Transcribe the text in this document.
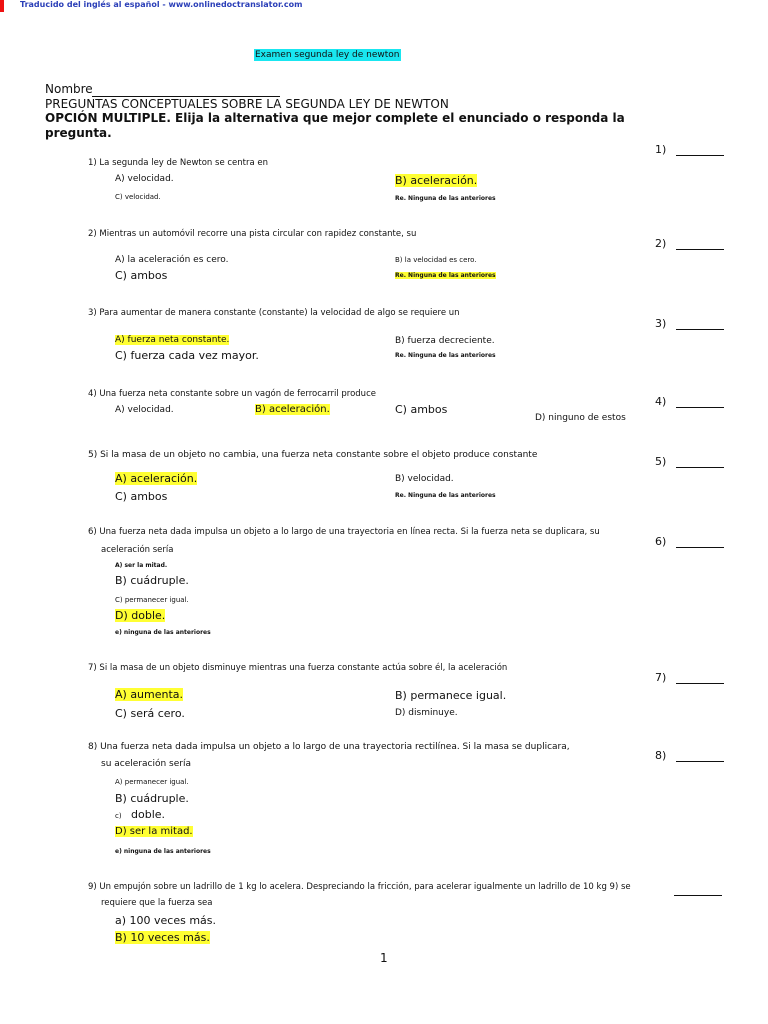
Traducido del inglés al español - www.onlinedoctranslator.com
Examen segunda ley de newton
Nombre
PREGUNTAS CONCEPTUALES SOBRE LA SEGUNDA LEY DE NEWTON
OPCIÓN MULTIPLE. Elija la alternativa que mejor complete el enunciado o responda la
pregunta.
1) La segunda ley de Newton se centra en
A) velocidad.	B) aceleración.
C) velocidad.	Re. Ninguna de las anteriores
1)
2) Mientras un automóvil recorre una pista circular con rapidez constante, su
A) la aceleración es cero.	B) la velocidad es cero.
C) ambos	Re. Ninguna de las anteriores
2)
3) Para aumentar de manera constante (constante) la velocidad de algo se requiere un
A) fuerza neta constante.	B) fuerza decreciente.
C) fuerza cada vez mayor.	Re. Ninguna de las anteriores
3)
4) Una fuerza neta constante sobre un vagón de ferrocarril produce
A) velocidad.	B) aceleración.	C) ambos
D) ninguno de estos
4)
5) Si la masa de un objeto no cambia, una fuerza neta constante sobre el objeto produce constante
A) aceleración.	B) velocidad.
C) ambos	Re. Ninguna de las anteriores
5)
6) Una fuerza neta dada impulsa un objeto a lo largo de una trayectoria en línea recta. Si la fuerza neta se duplicara, su
aceleración sería
A) ser la mitad.
B) cuádruple.
C) permanecer igual.
D) doble.
e) ninguna de las anteriores
6)
7) Si la masa de un objeto disminuye mientras una fuerza constante actúa sobre él, la aceleración
A) aumenta.	B) permanece igual.
C) será cero.	D) disminuye.
7)
8) Una fuerza neta dada impulsa un objeto a lo largo de una trayectoria rectilínea. Si la masa se duplicara,
su aceleración sería
A) permanecer igual.
B) cuádruple.
c) doble.
D) ser la mitad.
e) ninguna de las anteriores
8)
9) Un empujón sobre un ladrillo de 1 kg lo acelera. Despreciando la fricción, para acelerar igualmente un ladrillo de 10 kg 9) se
requiere que la fuerza sea
a) 100 veces más.
B) 10 veces más.
1
